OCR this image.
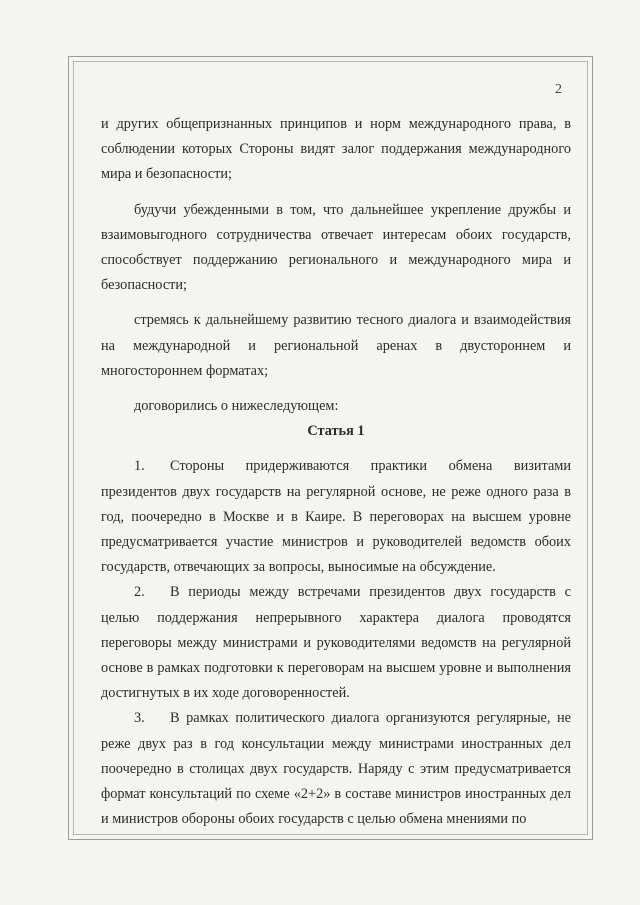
2

и других общепризнанных принципов и норм международного права, в соблюдении которых Стороны видят залог поддержания международного мира и безопасности;

будучи убежденными в том, что дальнейшее укрепление дружбы и взаимовыгодного сотрудничества отвечает интересам обоих государств, способствует поддержанию регионального и международного мира и безопасности;

стремясь к дальнейшему развитию тесного диалога и взаимодействия на международной и региональной аренах в двустороннем и многостороннем форматах;

договорились о нижеследующем:

Статья 1

1. Стороны придерживаются практики обмена визитами президентов двух государств на регулярной основе, не реже одного раза в год, поочередно в Москве и в Каире. В переговорах на высшем уровне предусматривается участие министров и руководителей ведомств обоих государств, отвечающих за вопросы, выносимые на обсуждение.

2. В периоды между встречами президентов двух государств с целью поддержания непрерывного характера диалога проводятся переговоры между министрами и руководителями ведомств на регулярной основе в рамках подготовки к переговорам на высшем уровне и выполнения достигнутых в их ходе договоренностей.

3. В рамках политического диалога организуются регулярные, не реже двух раз в год консультации между министрами иностранных дел поочередно в столицах двух государств. Наряду с этим предусматривается формат консультаций по схеме «2+2» в составе министров иностранных дел и министров обороны обоих государств с целью обмена мнениями по
